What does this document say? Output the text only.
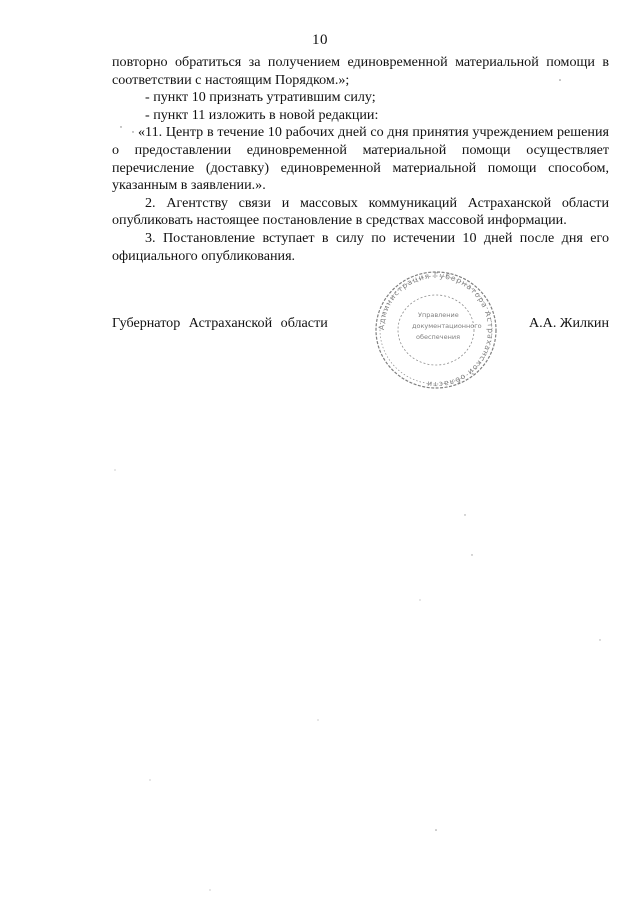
10

повторно обратиться за получением единовременной материальной помощи в соответствии с настоящим Порядком.»;

- пункт 10 признать утратившим силу;

- пункт 11 изложить в новой редакции:

«11. Центр в течение 10 рабочих дней со дня принятия учреждением решения о предоставлении единовременной материальной помощи осуществляет перечисление (доставку) единовременной материальной помощи способом, указанным в заявлении.».

2. Агентству связи и массовых коммуникаций Астраханской области опубликовать настоящее постановление в средствах массовой информации.

3. Постановление вступает в силу по истечении 10 дней после дня его официального опубликования.

Губернатор Астраханской области	А.А. Жилкин
Администрация Губернатора Астраханской области
Управление
документационного
обеспечения
